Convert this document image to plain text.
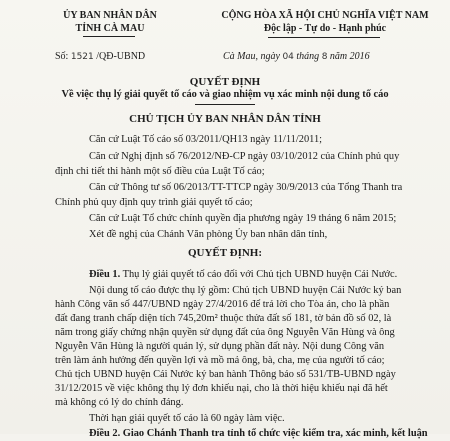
ỦY BAN NHÂN DÂN
TỈNH CÀ MAU
CỘNG HÒA XÃ HỘI CHỦ NGHĨA VIỆT NAM
Độc lập - Tự do - Hạnh phúc
Số: 1521 /QĐ-UBND	Cà Mau, ngày 04 tháng 8 năm 2016
QUYẾT ĐỊNH
Về việc thụ lý giải quyết tố cáo và giao nhiệm vụ xác minh nội dung tố cáo
CHỦ TỊCH ỦY BAN NHÂN DÂN TỈNH
Căn cứ Luật Tố cáo số 03/2011/QH13 ngày 11/11/2011;
Căn cứ Nghị định số 76/2012/NĐ-CP ngày 03/10/2012 của Chính phủ quy
định chi tiết thi hành một số điều của Luật Tố cáo;
Căn cứ Thông tư số 06/2013/TT-TTCP ngày 30/9/2013 của Tổng Thanh tra
Chính phủ quy định quy trình giải quyết tố cáo;
Căn cứ Luật Tổ chức chính quyền địa phương ngày 19 tháng 6 năm 2015;
Xét đề nghị của Chánh Văn phòng Ủy ban nhân dân tỉnh,
QUYẾT ĐỊNH:
Điều 1. Thụ lý giải quyết tố cáo đối với Chủ tịch UBND huyện Cái Nước.
Nội dung tố cáo được thụ lý gồm: Chủ tịch UBND huyện Cái Nước ký ban
hành Công văn số 447/UBND ngày 27/4/2016 để trả lời cho Tòa án, cho là phần
đất đang tranh chấp diện tích 745,20m² thuộc thửa đất số 181, tờ bản đồ số 02, là
năm trong giấy chứng nhận quyền sử dụng đất của ông Nguyễn Văn Hùng và ông
Nguyễn Văn Hùng là người quản lý, sử dụng phần đất này. Nội dung Công văn
trên làm ảnh hưởng đến quyền lợi và mồ mả ông, bà, cha, mẹ của người tố cáo;
Chủ tịch UBND huyện Cái Nước ký ban hành Thông báo số 531/TB-UBND ngày
31/12/2015 về việc không thụ lý đơn khiếu nại, cho là thời hiệu khiếu nại đã hết
mà không có lý do chính đáng.
Thời hạn giải quyết tố cáo là 60 ngày làm việc.
Điều 2. Giao Chánh Thanh tra tỉnh tổ chức việc kiểm tra, xác minh, kết luận
